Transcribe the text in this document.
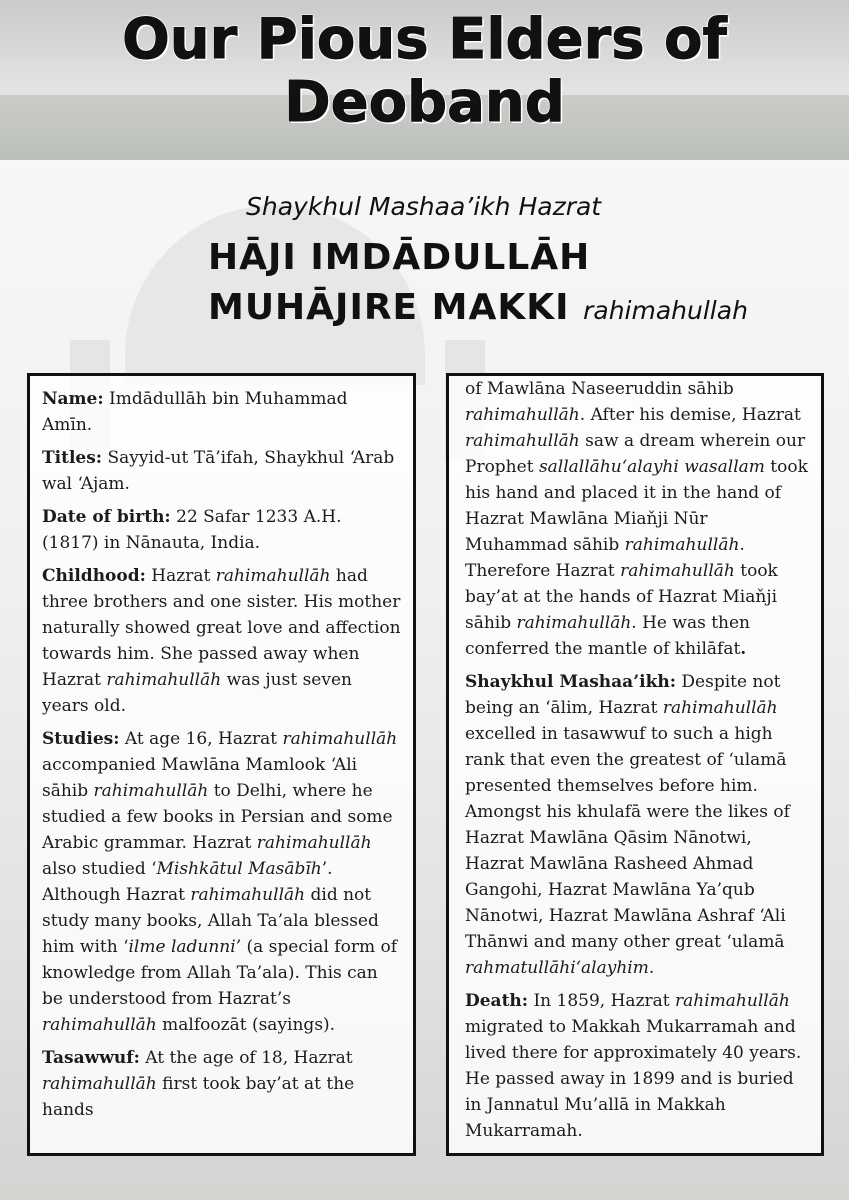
Our Pious Elders of Deoband

Shaykhul Mashaa’ikh Hazrat

HĀJI IMDĀDULLĀH

MUHĀJIRE MAKKI rahimahullah

Name: Imdādullāh bin Muhammad Amīn.

Titles: Sayyid-ut Tā’ifah, Shaykhul ‘Arab wal ‘Ajam.

Date of birth: 22 Safar 1233 A.H. (1817) in Nānauta, India.

Childhood: Hazrat rahimahullāh had three brothers and one sister. His mother naturally showed great love and affection towards him. She passed away when Hazrat rahimahullāh was just seven years old.

Studies: At age 16, Hazrat rahimahullāh accompanied Mawlāna Mamlook ‘Ali sāhib rahimahullāh to Delhi, where he studied a few books in Persian and some Arabic grammar. Hazrat rahimahullāh also studied ‘Mishkātul Masābīh’. Although Hazrat rahimahullāh did not study many books, Allah Ta’ala blessed him with ‘ilme ladunni’ (a special form of knowledge from Allah Ta’ala). This can be understood from Hazrat’s rahimahullāh malfoozāt (sayings).

Tasawwuf: At the age of 18, Hazrat rahimahullāh first took bay’at at the hands

of Mawlāna Naseeruddin sāhib rahimahullāh. After his demise, Hazrat rahimahullāh saw a dream wherein our Prophet sallallāhu‘alayhi wasallam took his hand and placed it in the hand of Hazrat Mawlāna Miaňji Nūr Muhammad sāhib rahimahullāh. Therefore Hazrat rahimahullāh took bay’at at the hands of Hazrat Miaňji sāhib rahimahullāh. He was then conferred the mantle of khilāfat.

Shaykhul Mashaa’ikh: Despite not being an ‘ālim, Hazrat rahimahullāh excelled in tasawwuf to such a high rank that even the greatest of ‘ulamā presented themselves before him. Amongst his khulafā were the likes of Hazrat Mawlāna Qāsim Nānotwi, Hazrat Mawlāna Rasheed Ahmad Gangohi, Hazrat Mawlāna Ya’qub Nānotwi, Hazrat Mawlāna Ashraf ‘Ali Thānwi and many other great ‘ulamā rahmatullāhi‘alayhim.

Death: In 1859, Hazrat rahimahullāh migrated to Makkah Mukarramah and lived there for approximately 40 years. He passed away in 1899 and is buried in Jannatul Mu’allā in Makkah Mukarramah.
